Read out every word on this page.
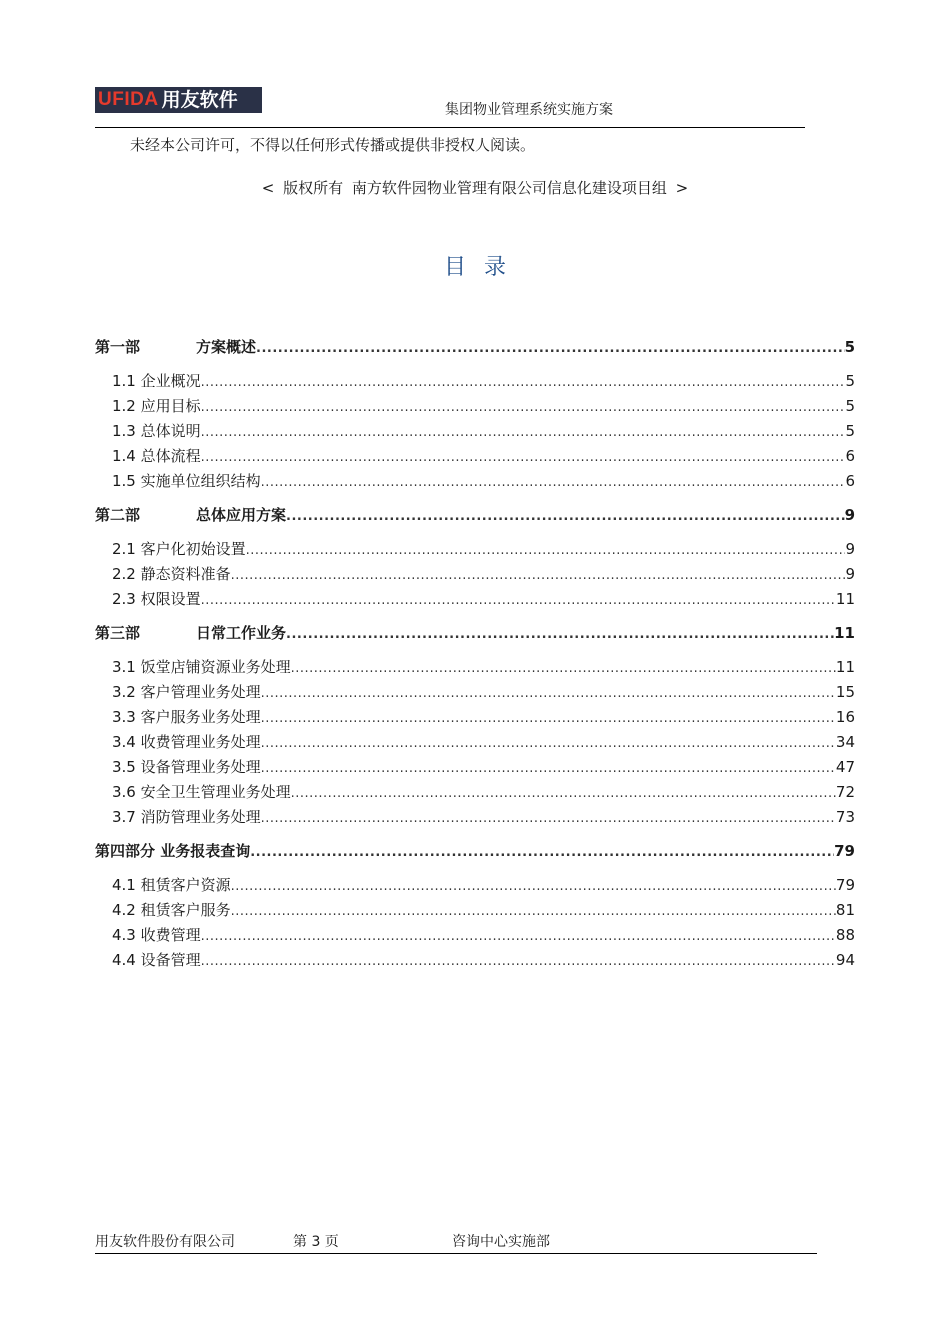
UFIDA 用友软件	集团物业管理系统实施方案
未经本公司许可，不得以任何形式传播或提供非授权人阅读。
< 版权所有 南方软件园物业管理有限公司信息化建设项目组 >
目录
第一部	方案概述 .....	5
1.1 企业概况 .....	5
1.2 应用目标 .....	5
1.3 总体说明 .....	5
1.4 总体流程 .....	6
1.5 实施单位组织结构 .....	6
第二部	总体应用方案 .....	9
2.1 客户化初始设置 .....	9
2.2 静态资料准备 .....	9
2.3 权限设置 .....	11
第三部	日常工作业务 .....	11
3.1 饭堂店铺资源业务处理 .....	11
3.2 客户管理业务处理 .....	15
3.3 客户服务业务处理 .....	16
3.4 收费管理业务处理 .....	34
3.5 设备管理业务处理 .....	47
3.6 安全卫生管理业务处理 .....	72
3.7 消防管理业务处理 .....	73
第四部分 业务报表查询 .....	79
4.1 租赁客户资源 .....	79
4.2 租赁客户服务 .....	81
4.3 收费管理 .....	88
4.4 设备管理 .....	94
用友软件股份有限公司	第 3 页	咨询中心实施部
